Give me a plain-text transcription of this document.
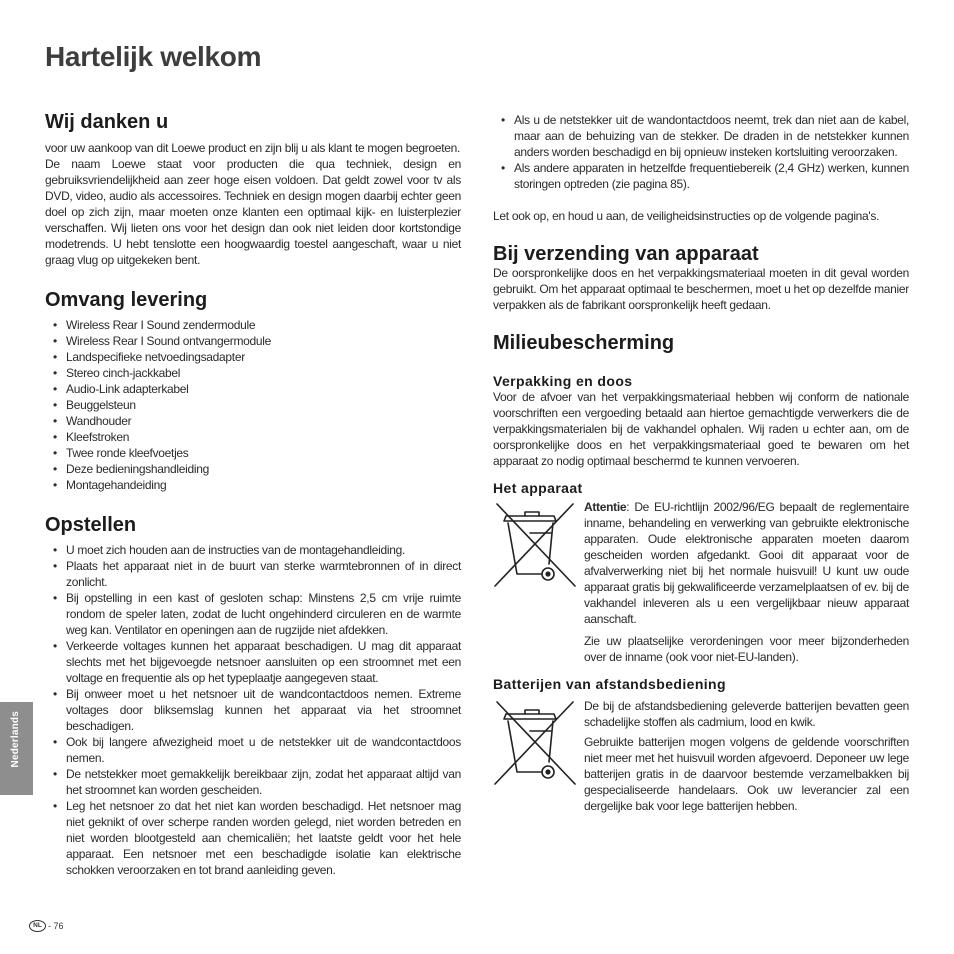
Hartelijk welkom
Wij danken u

voor uw aankoop van dit Loewe product en zijn blij u als klant te mogen begroeten.

De naam Loewe staat voor producten die qua techniek, design en gebruiksvriendelijkheid aan zeer hoge eisen voldoen. Dat geldt zowel voor tv als DVD, video, audio als accessoires. Techniek en design mogen daarbij echter geen doel op zich zijn, maar moeten onze klanten een optimaal kijk- en luisterplezier verschaffen. Wij lieten ons voor het design dan ook niet leiden door kortstondige modetrends. U hebt tenslotte een hoogwaardig toestel aangeschaft, waar u niet graag vlug op uitgekeken bent.

Omvang levering
• Wireless Rear I Sound zendermodule
• Wireless Rear I Sound ontvangermodule
• Landspecifieke netvoedingsadapter
• Stereo cinch-jackkabel
• Audio-Link adapterkabel
• Beuggelsteun
• Wandhouder
• Kleefstroken
• Twee ronde kleefvoetjes
• Deze bedieningshandleiding
• Montagehandeiding
Opstellen
• U moet zich houden aan de instructies van de montagehandleiding.
• Plaats het apparaat niet in de buurt van sterke warmtebronnen of in direct zonlicht.
• Bij opstelling in een kast of gesloten schap: Minstens 2,5 cm vrije ruimte rondom de speler laten, zodat de lucht ongehinderd circuleren en de warmte weg kan. Ventilator en openingen aan de rugzijde niet afdekken.
• Verkeerde voltages kunnen het apparaat beschadigen. U mag dit apparaat slechts met het bijgevoegde netsnoer aansluiten op een stroomnet met een voltage en frequentie als op het typeplaatje aangegeven staat.
• Bij onweer moet u het netsnoer uit de wandcontactdoos nemen. Extreme voltages door bliksemslag kunnen het apparaat via het stroomnet beschadigen.
• Ook bij langere afwezigheid moet u de netstekker uit de wandcontactdoos nemen.
• De netstekker moet gemakkelijk bereikbaar zijn, zodat het apparaat altijd van het stroomnet kan worden gescheiden.
• Leg het netsnoer zo dat het niet kan worden beschadigd. Het netsnoer mag niet geknikt of over scherpe randen worden gelegd, niet worden betreden en niet worden blootgesteld aan chemicaliën; het laatste geldt voor het hele apparaat. Een netsnoer met een beschadigde isolatie kan elektrische schokken veroorzaken en tot brand aanleiding geven.
• Als u de netstekker uit de wandontactdoos neemt, trek dan niet aan de kabel, maar aan de behuizing van de stekker. De draden in de netstekker kunnen anders worden beschadigd en bij opnieuw insteken kortsluiting veroorzaken.
• Als andere apparaten in hetzelfde frequentiebereik (2,4 GHz) werken, kunnen storingen optreden (zie pagina 85).

Let ook op, en houd u aan, de veiligheidsinstructies op de volgende pagina's.

Bij verzending van apparaat

De oorspronkelijke doos en het verpakkingsmateriaal moeten in dit geval worden gebruikt. Om het apparaat optimaal te beschermen, moet u het op dezelfde manier verpakken als de fabrikant oorspronkelijk heeft gedaan.

Milieubescherming
Verpakking en doos

Voor de afvoer van het verpakkingsmateriaal hebben wij conform de nationale voorschriften een vergoeding betaald aan hiertoe gemachtigde verwerkers die de verpakkingsmaterialen bij de vakhandel ophalen. Wij raden u echter aan, om de oorspronkelijke doos en het verpakkingsmateriaal goed te bewaren om het apparaat zo nodig optimaal beschermd te kunnen vervoeren.

Het apparaat

Attentie: De EU-richtlijn 2002/96/EG bepaalt de reglementaire inname, behandeling en verwerking van gebruikte elektronische apparaten. Oude elektronische apparaten moeten daarom gescheiden worden afgedankt. Gooi dit apparaat voor de afvalverwerking niet bij het normale huisvuil! U kunt uw oude apparaat gratis bij gekwalificeerde verzamelplaatsen of ev. bij de vakhandel inleveren als u een vergelijkbaar nieuw apparaat aanschaft.

Zie uw plaatselijke verordeningen voor meer bijzonderheden over de inname (ook voor niet-EU-landen).

Batterijen van afstandsbediening

De bij de afstandsbediening geleverde batterijen bevatten geen schadelijke stoffen als cadmium, lood en kwik.

Gebruikte batterijen mogen volgens de geldende voorschriften niet meer met het huisvuil worden afgevoerd. Deponeer uw lege batterijen gratis in de daarvoor bestemde verzamelbakken bij gespecialiseerde handelaars. Ook uw leverancier zal een dergelijke bak voor lege batterijen hebben.

Nederlands
NL - 76
